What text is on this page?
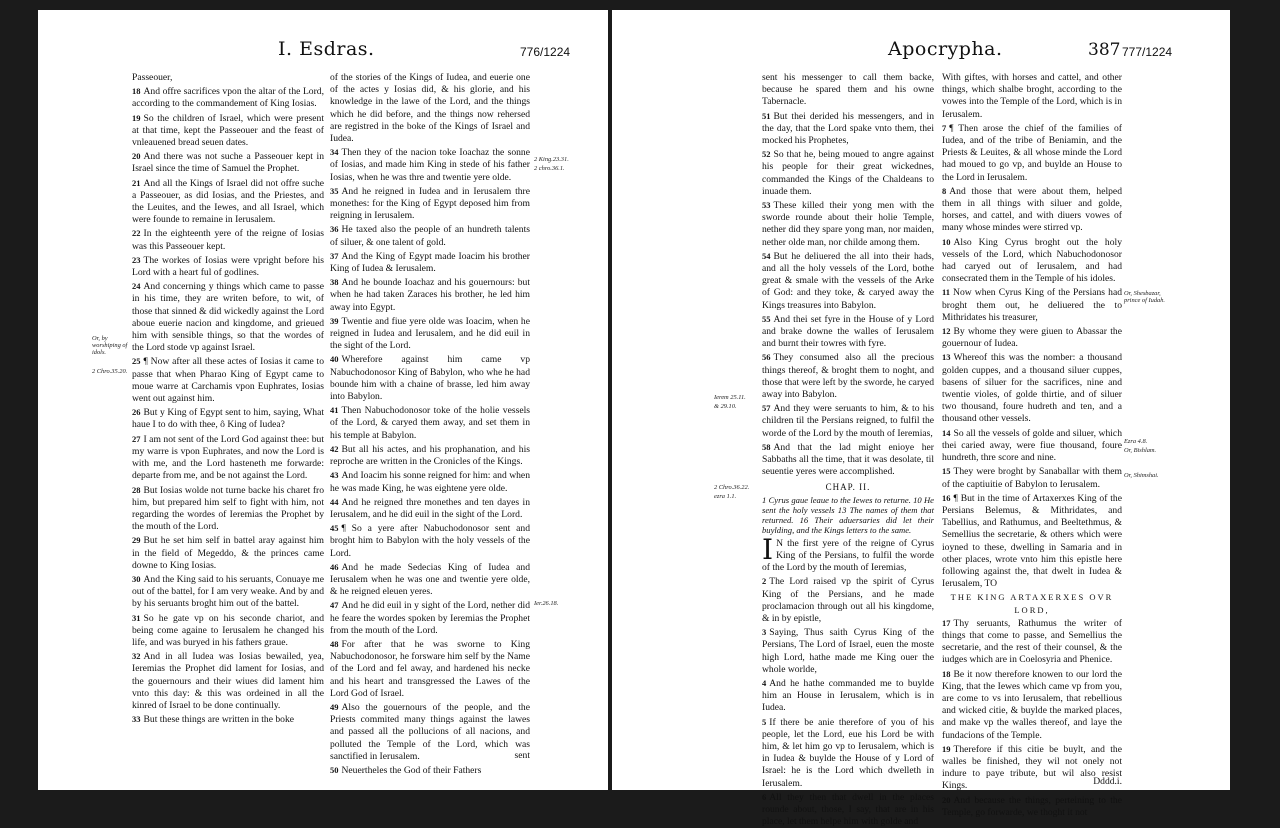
I. Esdras.	776/1224

Passeouer,

18 And offre sacrifices vpon the altar of the Lord, according to the commandement of King Iosias.

19 So the children of Israel, which were present at that time, kept the Passeouer and the feast of vnleauened bread seuen dates.

20 And there was not suche a Passeouer kept in Israel since the time of Samuel the Prophet.

21 And all the Kings of Israel did not offre suche a Passeouer, as did Iosias, and the Priestes, and the Leuites, and the Iewes, and all Israel, which were founde to remaine in Ierusalem.

22 In the eighteenth yere of the reigne of Iosias was this Passeouer kept.

23 The workes of Iosias were vpright before his Lord with a heart ful of godlines.

24 And concerning y things which came to passe in his time, they are writen before, to wit, of those that sinned & did wickedly against the Lord aboue euerie nacion and kingdome, and grieued him with sensible things, so that the wordes of the Lord stode vp against Israel.

25 ¶ Now after all these actes of Iosias it came to passe that when Pharao King of Egypt came to moue warre at Carchamis vpon Euphrates, Iosias went out against him.

26 But y King of Egypt sent to him, saying, What haue I to do with thee, ô King of Iudea?

27 I am not sent of the Lord God against thee: but my warre is vpon Euphrates, and now the Lord is with me, and the Lord hasteneth me forwarde: departe from me, and be not against the Lord.

28 But Iosias wolde not turne backe his charet fro him, but prepared him self to fight with him, not regarding the wordes of Ieremias the Prophet by the mouth of the Lord.

29 But he set him self in battel aray against him in the field of Megeddo, & the princes came downe to King Iosias.

30 And the King said to his seruants, Conuaye me out of the battel, for I am very weake. And by and by his seruants broght him out of the battel.

31 So he gate vp on his seconde chariot, and being come againe to Ierusalem he changed his life, and was buryed in his fathers graue.

32 And in all Iudea was Iosias bewailed, yea, Ieremias the Prophet did lament for Iosias, and the gouernours and their wiues did lament him vnto this day: & this was ordeined in all the kinred of Israel to be done continually.

33 But these things are written in the boke

of the stories of the Kings of Iudea, and euerie one of the actes y Iosias did, & his glorie, and his knowledge in the lawe of the Lord, and the things which he did before, and the things now rehersed are registred in the boke of the Kings of Israel and Iudea.

34 Then they of the nacion toke Ioachaz the sonne of Iosias, and made him King in stede of his father Iosias, when he was thre and twentie yere olde.

35 And he reigned in Iudea and in Ierusalem thre monethes: for the King of Egypt deposed him from reigning in Ierusalem.

36 He taxed also the people of an hundreth talents of siluer, & one talent of gold.

37 And the King of Egypt made Ioacim his brother King of Iudea & Ierusalem.

38 And he bounde Ioachaz and his gouernours: but when he had taken Zaraces his brother, he led him away into Egypt.

39 Twentie and fiue yere olde was Ioacim, when he reigned in Iudea and Ierusalem, and he did euil in the sight of the Lord.

40 Wherefore against him came vp Nabuchodonosor King of Babylon, who whe he had bounde him with a chaine of brasse, led him away into Babylon.

41 Then Nabuchodonosor toke of the holie vessels of the Lord, & caryed them away, and set them in his temple at Babylon.

42 But all his actes, and his prophanation, and his reproche are written in the Cronicles of the Kings.

43 And Ioacim his sonne reigned for him: and when he was made King, he was eightene yere olde.

44 And he reigned thre monethes and ten dayes in Ierusalem, and he did euil in the sight of the Lord.

45 ¶ So a yere after Nabuchodonosor sent and broght him to Babylon with the holy vessels of the Lord.

46 And he made Sedecias King of Iudea and Ierusalem when he was one and twentie yere olde, & he reigned eleuen yeres.

47 And he did euil in y sight of the Lord, nether did he feare the wordes spoken by Ieremias the Prophet from the mouth of the Lord.

48 For after that he was sworne to King Nabuchodonosor, he forsware him self by the Name of the Lord and fel away, and hardened his necke and his heart and transgressed the Lawes of the Lord God of Israel.

49 Also the gouernours of the people, and the Priests commited many things against the lawes and passed all the pollucions of all nacions, and polluted the Temple of the Lord, which was sanctified in Ierusalem.

50 Neuertheles the God of their Fathers

2 King.23.31.
2 chro.36.1.
Or, by worshiping of idols.
2 Chro.35.20.
Ier.26.18.
sent
Apocrypha.	387 777/1224

sent his messenger to call them backe, because he spared them and his owne Tabernacle.

51 But thei derided his messengers, and in the day, that the Lord spake vnto them, thei mocked his Prophetes,

52 So that he, being moued to angre against his people for their great wickednes, commanded the Kings of the Chaldeans to inuade them.

53 These killed their yong men with the sworde rounde about their holie Temple, nether did they spare yong man, nor maiden, nether olde man, nor childe among them.

54 But he deliuered the all into their hads, and all the holy vessels of the Lord, bothe great & smale with the vessels of the Arke of God: and they toke, & caryed away the Kings treasures into Babylon.

55 And thei set fyre in the House of y Lord and brake downe the walles of Ierusalem and burnt their towres with fyre.

56 They consumed also all the precious things thereof, & broght them to noght, and those that were left by the sworde, he caryed away into Babylon.

57 And they were seruants to him, & to his children til the Persians reigned, to fulfil the worde of the Lord by the mouth of Ieremias,

58 And that the lad might enioye her Sabbaths all the time, that it was desolate, til seuentie yeres were accomplished.

CHAP. II.
1 Cyrus gaue leaue to the Iewes to returne. 10 He sent the holy vessels 13 The names of them that returned. 16 Their aduersaries did let their buylding, and the Kings letters to the same.

I N the first yere of the reigne of Cyrus King of the Persians, to fulfil the worde of the Lord by the mouth of Ieremias,

2 The Lord raised vp the spirit of Cyrus King of the Persians, and he made proclamacion through out all his kingdome, & in by epistle,

3 Saying, Thus saith Cyrus King of the Persians, The Lord of Israel, euen the moste high Lord, hathe made me King ouer the whole worlde,

4 And he hathe commanded me to buylde him an House in Ierusalem, which is in Iudea.

5 If there be anie therefore of you of his people, let the Lord, eue his Lord be with him, & let him go vp to Ierusalem, which is in Iudea & buylde the House of y Lord of Israel: he is the Lord which dwelleth in Ierusalem.

6 All they then that dwell in the places rounde about, those, I say, that are in his place, let them helpe him with golde and

With giftes, with horses and cattel, and other things, which shalbe broght, according to the vowes into the Temple of the Lord, which is in Ierusalem.

7 ¶ Then arose the chief of the families of Iudea, and of the tribe of Beniamin, and the Priests & Leuites, & all whose minde the Lord had moued to go vp, and buylde an House to the Lord in Ierusalem.

8 And those that were about them, helped them in all things with siluer and golde, horses, and cattel, and with diuers vowes of many whose mindes were stirred vp.

10 Also King Cyrus broght out the holy vessels of the Lord, which Nabuchodonosor had caryed out of Ierusalem, and had consecrated them in the Temple of his idoles.

11 Now when Cyrus King of the Persians had broght them out, he deliuered the to Mithridates his treasurer,

12 By whome they were giuen to Abassar the gouernour of Iudea.

13 Whereof this was the nomber: a thousand golden cuppes, and a thousand siluer cuppes, basens of siluer for the sacrifices, nine and twentie violes, of golde thirtie, and of siluer two thousand, foure hudreth and ten, and a thousand other vessels.

14 So all the vessels of golde and siluer, which thei caried away, were fiue thousand, foure hundreth, thre score and nine.

15 They were broght by Sanaballar with them of the captiuitie of Babylon to Ierusalem.

16 ¶ But in the time of Artaxerxes King of the Persians Belemus, & Mithridates, and Tabellius, and Rathumus, and Beeltethmus, & Semellius the secretarie, & others which were ioyned to these, dwelling in Samaria and in other places, wrote vnto him this epistle here following against the, that dwelt in Iudea & Ierusalem, TO

THE KING ARTAXERXES OVR LORD,

17 Thy seruants, Rathumus the writer of things that come to passe, and Semellius the secretarie, and the rest of their counsel, & the iudges which are in Coelosyria and Phenice.

18 Be it now therefore knowen to our lord the King, that the Iewes which came vp from you, are come to vs into Ierusalem, that rebellious and wicked citie, & buylde the marked places, and make vp the walles thereof, and laye the fundacions of the Temple.

19 Therefore if this citie be buylt, and the walles be finished, they wil not onely not indure to paye tribute, but wil also resist Kings.

20 And because the things, perteining to the Temple, go forwarde, we thoght it not

Ierem 25.11.
& 29.10.
2 Chro.36.22.
ezra 1.1.
Or, Shesbazar, prince of Iudah.
Ezra 4.8.
Or, Bishlam.
Or, Shimshai.
Dddd.i.
